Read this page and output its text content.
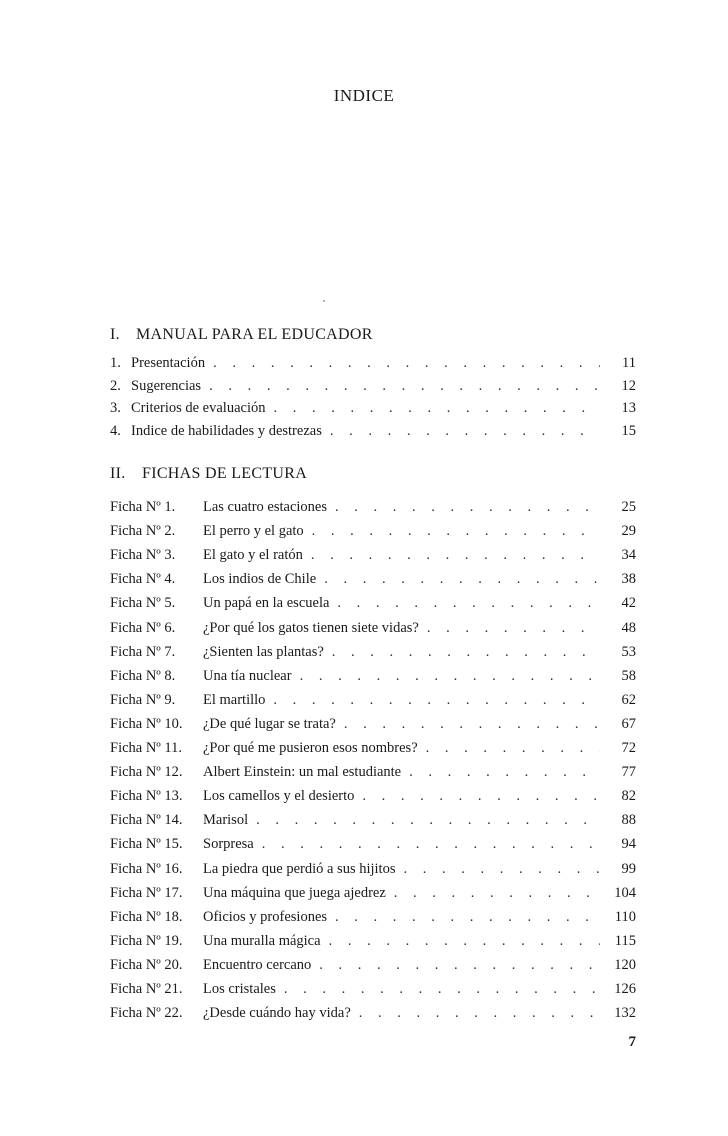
INDICE
I. MANUAL PARA EL EDUCADOR
II. FICHAS DE LECTURA
1. Presentación . . .	11
2. Sugerencias . . .	12
3. Criterios de evaluación . . .	13
4. Indice de habilidades y destrezas . . .	15
Ficha Nº 1.	Las cuatro estaciones . . .	25
Ficha Nº 2.	El perro y el gato . . .	29
Ficha Nº 3.	El gato y el ratón . . .	34
Ficha Nº 4.	Los indios de Chile . . .	38
Ficha Nº 5.	Un papá en la escuela . . .	42
Ficha Nº 6.	¿Por qué los gatos tienen siete vidas? . . .	48
Ficha Nº 7.	¿Sienten las plantas? . . .	53
Ficha Nº 8.	Una tía nuclear . . .	58
Ficha Nº 9.	El martillo . . .	62
Ficha Nº 10.	¿De qué lugar se trata? . . .	67
Ficha Nº 11.	¿Por qué me pusieron esos nombres? . . .	72
Ficha Nº 12.	Albert Einstein: un mal estudiante . . .	77
Ficha Nº 13.	Los camellos y el desierto . . .	82
Ficha Nº 14.	Marisol . . .	88
Ficha Nº 15.	Sorpresa . . .	94
Ficha Nº 16.	La piedra que perdió a sus hijitos . . .	99
Ficha Nº 17.	Una máquina que juega ajedrez . . .	104
Ficha Nº 18.	Oficios y profesiones . . .	110
Ficha Nº 19.	Una muralla mágica . . .	115
Ficha Nº 20.	Encuentro cercano . . .	120
Ficha Nº 21.	Los cristales . . .	126
Ficha Nº 22.	¿Desde cuándo hay vida? . . .	132
7
